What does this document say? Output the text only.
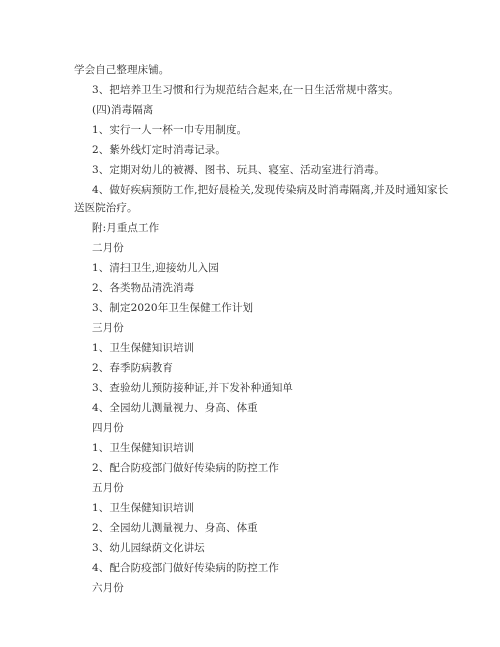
学会自己整理床铺。
3、把培养卫生习惯和行为规范结合起来,在一日生活常规中落实。
(四)消毒隔离
1、实行一人一杯一巾专用制度。
2、紫外线灯定时消毒记录。
3、定期对幼儿的被褥、图书、玩具、寝室、活动室进行消毒。
4、做好疾病预防工作,把好晨检关,发现传染病及时消毒隔离,并及时通知家长
送医院治疗。
附:月重点工作
二月份
1、清扫卫生,迎接幼儿入园
2、各类物品清洗消毒
3、制定2020年卫生保健工作计划
三月份
1、卫生保健知识培训
2、春季防病教育
3、查验幼儿预防接种证,并下发补种通知单
4、全园幼儿测量视力、身高、体重
四月份
1、卫生保健知识培训
2、配合防疫部门做好传染病的防控工作
五月份
1、卫生保健知识培训
2、全园幼儿测量视力、身高、体重
3、幼儿园绿荫文化讲坛
4、配合防疫部门做好传染病的防控工作
六月份
